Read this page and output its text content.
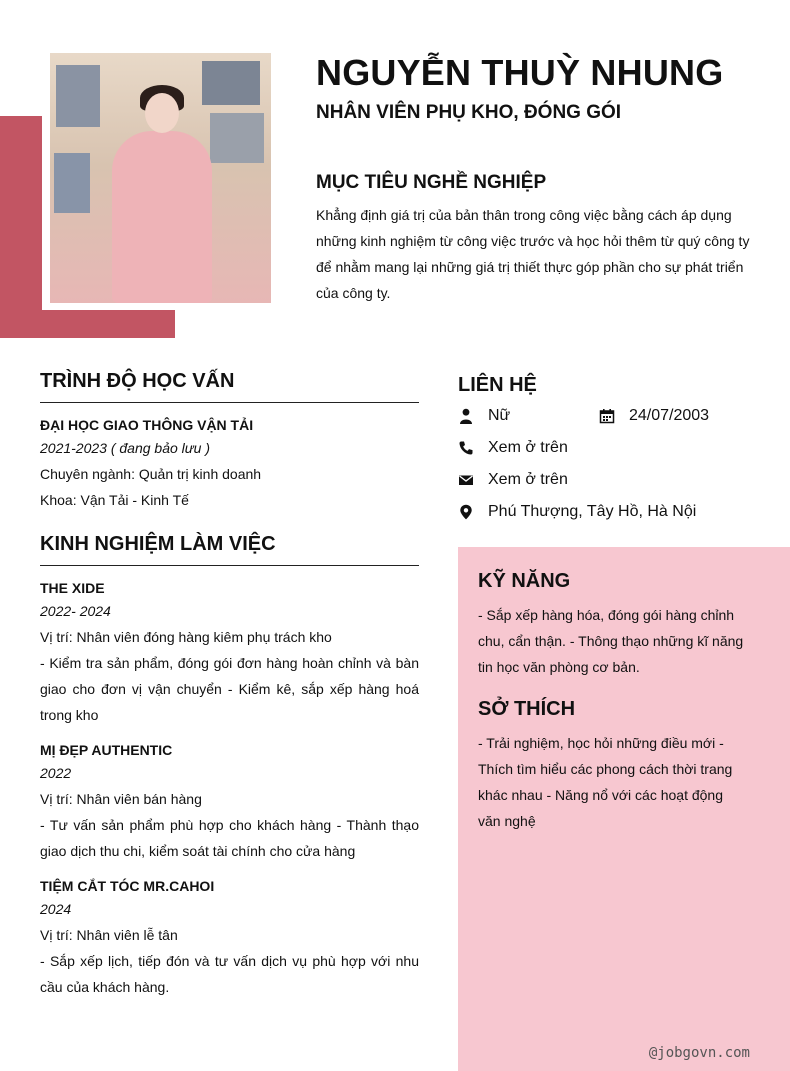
NGUYỄN THUỲ NHUNG
NHÂN VIÊN PHỤ KHO, ĐÓNG GÓI
MỤC TIÊU NGHỀ NGHIỆP
Khẳng định giá trị của bản thân trong công việc bằng cách áp dụng những kinh nghiệm từ công việc trước và học hỏi thêm từ quý công ty để nhằm mang lại những giá trị thiết thực góp phần cho sự phát triển của công ty.
TRÌNH ĐỘ HỌC VẤN
ĐẠI HỌC GIAO THÔNG VẬN TẢI
2021-2023 ( đang bảo lưu )
Chuyên ngành: Quản trị kinh doanh
Khoa: Vận Tải - Kinh Tế
KINH NGHIỆM LÀM VIỆC
THE XIDE
2022- 2024
Vị trí: Nhân viên đóng hàng kiêm phụ trách kho
- Kiểm tra sản phẩm, đóng gói đơn hàng hoàn chỉnh và bàn giao cho đơn vị vận chuyển - Kiểm kê, sắp xếp hàng hoá trong kho
MỊ ĐẸP AUTHENTIC
2022
Vị trí: Nhân viên bán hàng
- Tư vấn sản phẩm phù hợp cho khách hàng - Thành thạo giao dịch thu chi, kiểm soát tài chính cho cửa hàng
TIỆM CẮT TÓC MR.CAHOI
2024
Vị trí: Nhân viên lễ tân
- Sắp xếp lịch, tiếp đón và tư vấn dịch vụ phù hợp với nhu cầu của khách hàng.
LIÊN HỆ
Nữ	24/07/2003
Xem ở trên
Xem ở trên
Phú Thượng, Tây Hồ, Hà Nội
KỸ NĂNG
- Sắp xếp hàng hóa, đóng gói hàng chỉnh chu, cẩn thận. - Thông thạo những kĩ năng tin học văn phòng cơ bản.
SỞ THÍCH
- Trải nghiệm, học hỏi những điều mới - Thích tìm hiểu các phong cách thời trang khác nhau - Năng nổ với các hoạt động văn nghệ
@jobgovn.com
